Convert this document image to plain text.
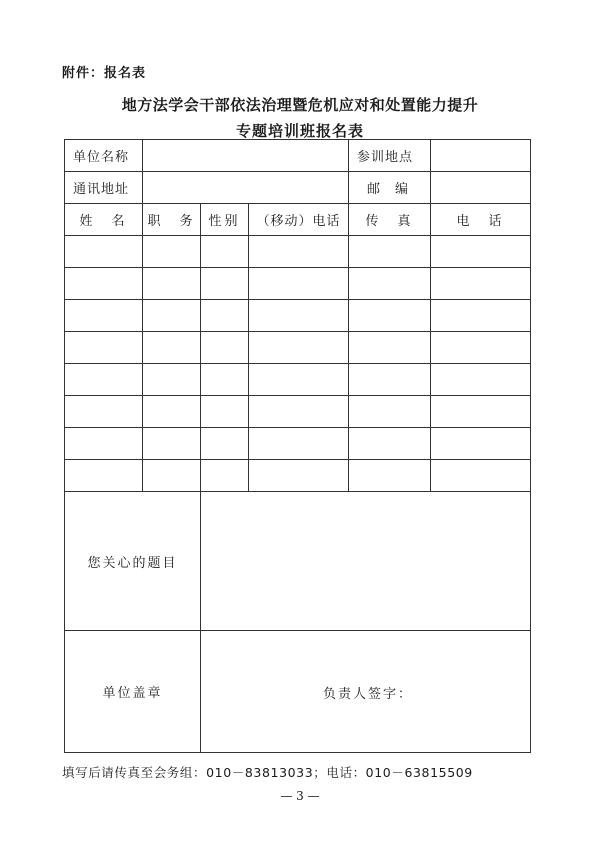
附件：报名表
地方法学会干部依法治理暨危机应对和处置能力提升
专题培训班报名表
单位名称				参训地点	
通讯地址				邮　编	
姓　名	职　务	性别	（移动）电话	传　真	电　话

您关心的题目					
单位盖章		负责人签字：			
填写后请传真至会务组：010－83813033；电话：010－63815509
— 3 —
